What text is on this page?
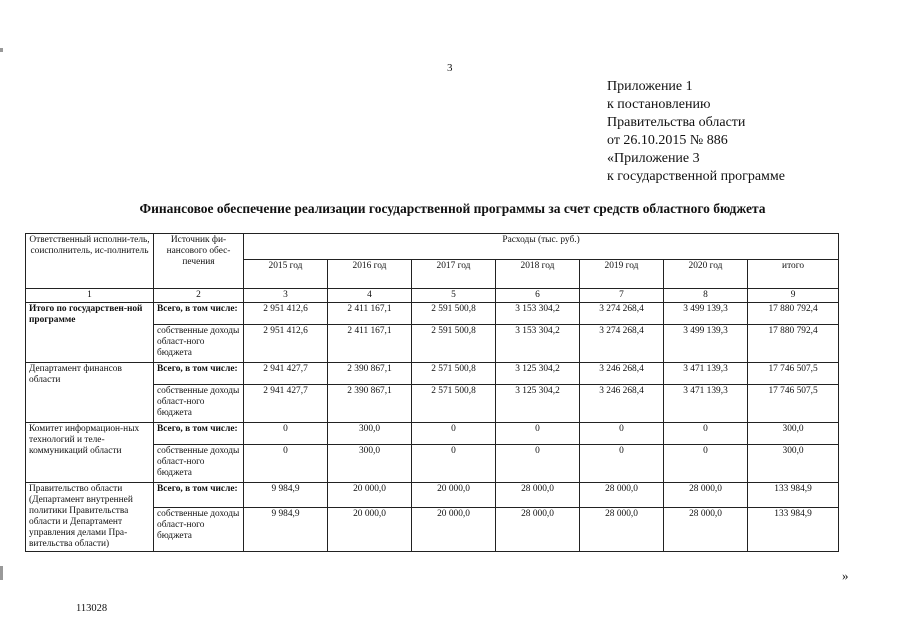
3
Приложение 1
к постановлению
Правительства области
от 26.10.2015 № 886
«Приложение 3
к государственной программе
Финансовое обеспечение реализации государственной программы за счет средств областного бюджета
Ответственный исполни-тель, соисполнитель, ис-полнитель	Источник фи-нансового обес-печения	Расходы (тыс. руб.)						
		2015 год	2016 год	2017 год	2018 год	2019 год	2020 год	итого
1	2	3	4	5	6	7	8	9
Итого по государствен-ной программе	Всего, в том числе:	2 951 412,6	2 411 167,1	2 591 500,8	3 153 304,2	3 274 268,4	3 499 139,3	17 880 792,4
	собственные доходы област-ного бюджета	2 951 412,6	2 411 167,1	2 591 500,8	3 153 304,2	3 274 268,4	3 499 139,3	17 880 792,4
Департамент финансов области	Всего, в том числе:	2 941 427,7	2 390 867,1	2 571 500,8	3 125 304,2	3 246 268,4	3 471 139,3	17 746 507,5
	собственные доходы област-ного бюджета	2 941 427,7	2 390 867,1	2 571 500,8	3 125 304,2	3 246 268,4	3 471 139,3	17 746 507,5
Комитет информацион-ных технологий и теле-коммуникаций области	Всего, в том числе:	0	300,0	0	0	0	0	300,0
	собственные доходы област-ного бюджета	0	300,0	0	0	0	0	300,0
Правительство области (Департамент внутренней политики Правительства области и Департамент управления делами Пра-вительства области)	Всего, в том числе:	9 984,9	20 000,0	20 000,0	28 000,0	28 000,0	28 000,0	133 984,9
	собственные доходы област-ного бюджета	9 984,9	20 000,0	20 000,0	28 000,0	28 000,0	28 000,0	133 984,9
»
113028
